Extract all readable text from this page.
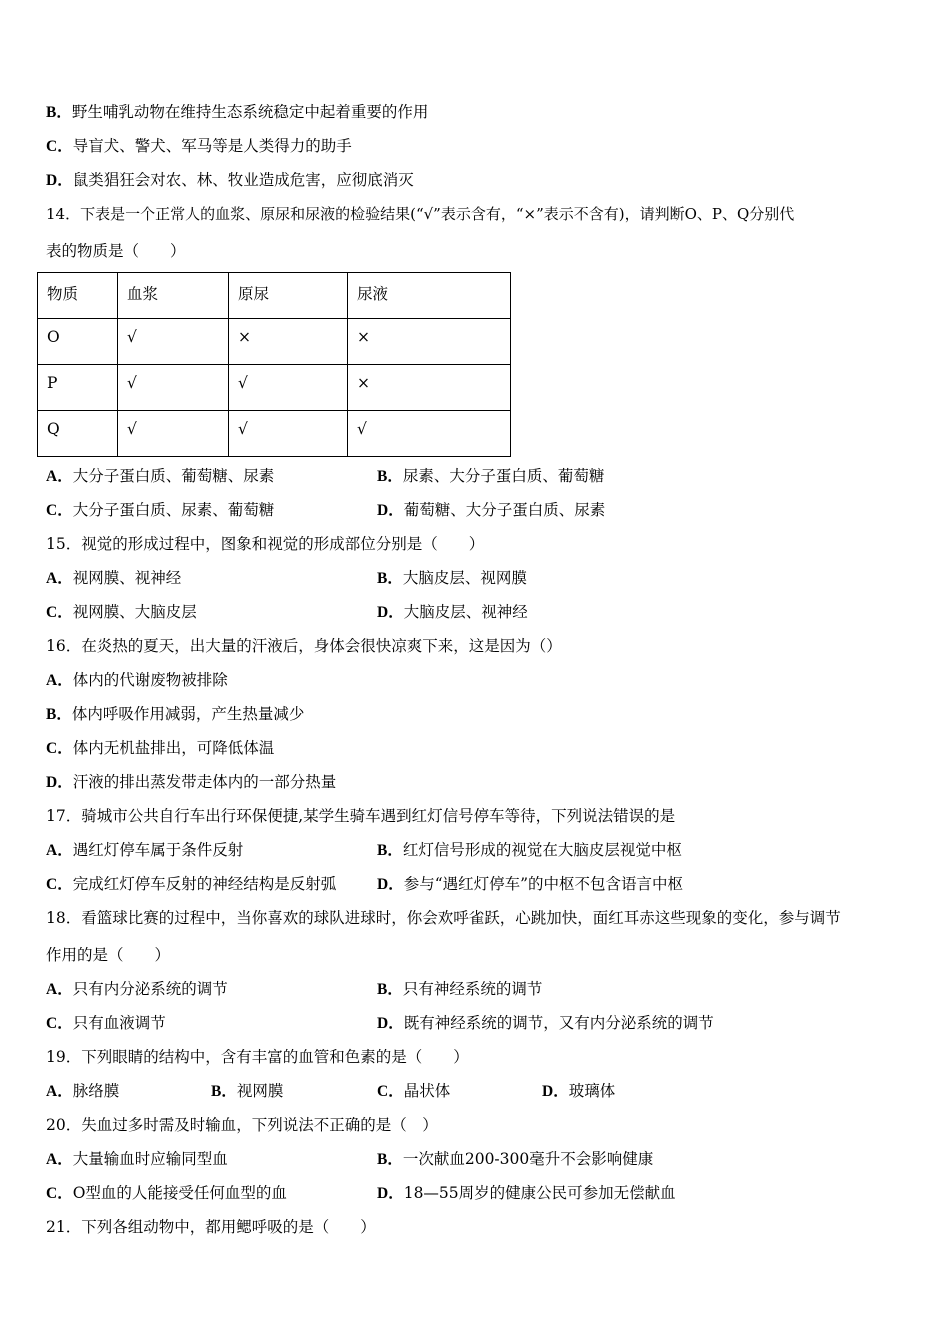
B．野生哺乳动物在维持生态系统稳定中起着重要的作用
C．导盲犬、警犬、军马等是人类得力的助手
D．鼠类猖狂会对农、林、牧业造成危害，应彻底消灭
14．下表是一个正常人的血浆、原尿和尿液的检验结果(“√”表示含有，“×”表示不含有)，请判断O、P、Q分别代
表的物质是（　　）
物质	血浆	原尿	尿液
O	√	×	×
P	√	√	×
Q	√	√	√
A．大分子蛋白质、葡萄糖、尿素	B．尿素、大分子蛋白质、葡萄糖
C．大分子蛋白质、尿素、葡萄糖	D．葡萄糖、大分子蛋白质、尿素
15．视觉的形成过程中，图象和视觉的形成部位分别是（　　）
A．视网膜、视神经	B．大脑皮层、视网膜
C．视网膜、大脑皮层	D．大脑皮层、视神经
16．在炎热的夏天，出大量的汗液后，身体会很快凉爽下来，这是因为（）
A．体内的代谢废物被排除
B．体内呼吸作用减弱，产生热量减少
C．体内无机盐排出，可降低体温
D．汗液的排出蒸发带走体内的一部分热量
17．骑城市公共自行车出行环保便捷,某学生骑车遇到红灯信号停车等待，下列说法错误的是
A．遇红灯停车属于条件反射	B．红灯信号形成的视觉在大脑皮层视觉中枢
C．完成红灯停车反射的神经结构是反射弧	D．参与“遇红灯停车”的中枢不包含语言中枢
18．看篮球比赛的过程中，当你喜欢的球队进球时，你会欢呼雀跃，心跳加快，面红耳赤这些现象的变化，参与调节
作用的是（　　）
A．只有内分泌系统的调节	B．只有神经系统的调节
C．只有血液调节	D．既有神经系统的调节，又有内分泌系统的调节
19．下列眼睛的结构中，含有丰富的血管和色素的是（　　）
A．脉络膜	B．视网膜	C．晶状体	D．玻璃体
20．失血过多时需及时输血，下列说法不正确的是（　）
A．大量输血时应输同型血	B．一次献血200-300毫升不会影响健康
C．O型血的人能接受任何血型的血	D．18—55周岁的健康公民可参加无偿献血
21．下列各组动物中，都用鳃呼吸的是（　　）
